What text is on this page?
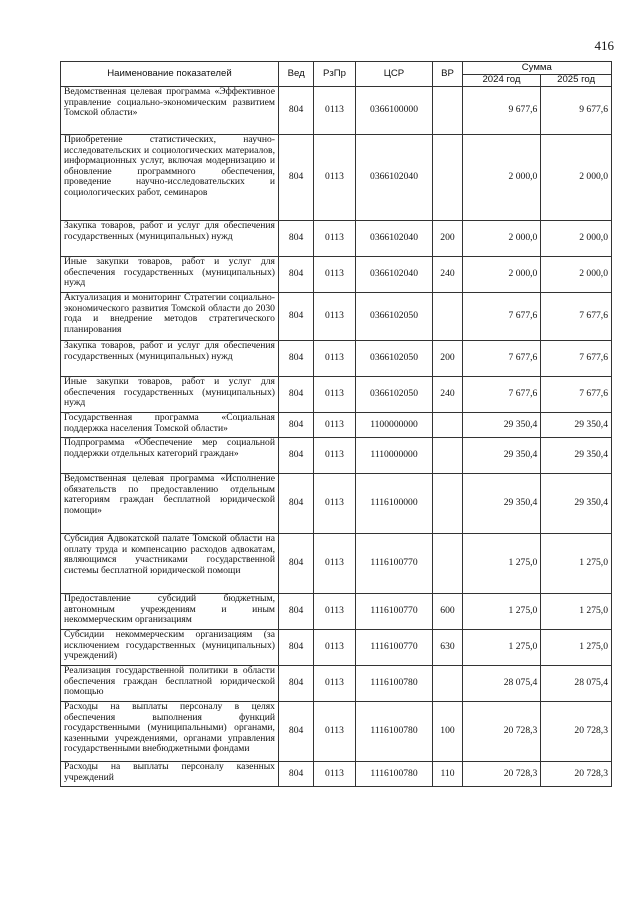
416
Наименование показателей	Вед	РзПр	ЦСР	ВР	Сумма	
					2024 год	2025 год
Ведомственная целевая программа «Эффективное управление социально-экономическим развитием Томской области»	804	0113	0366100000		9 677,6	9 677,6
Приобретение статистических, научно-исследовательских и социологических материалов, информационных услуг, включая модернизацию и обновление программного обеспечения, проведение научно-исследовательских и социологических работ, семинаров	804	0113	0366102040		2 000,0	2 000,0
Закупка товаров, работ и услуг для обеспечения государственных (муниципальных) нужд	804	0113	0366102040	200	2 000,0	2 000,0
Иные закупки товаров, работ и услуг для обеспечения государственных (муниципальных) нужд	804	0113	0366102040	240	2 000,0	2 000,0
Актуализация и мониторинг Стратегии социально-экономического развития Томской области до 2030 года и внедрение методов стратегического планирования	804	0113	0366102050		7 677,6	7 677,6
Закупка товаров, работ и услуг для обеспечения государственных (муниципальных) нужд	804	0113	0366102050	200	7 677,6	7 677,6
Иные закупки товаров, работ и услуг для обеспечения государственных (муниципальных) нужд	804	0113	0366102050	240	7 677,6	7 677,6
Государственная программа «Социальная поддержка населения Томской области»	804	0113	1100000000		29 350,4	29 350,4
Подпрограмма «Обеспечение мер социальной поддержки отдельных категорий граждан»	804	0113	1110000000		29 350,4	29 350,4
Ведомственная целевая программа «Исполнение обязательств по предоставлению отдельным категориям граждан бесплатной юридической помощи»	804	0113	1116100000		29 350,4	29 350,4
Субсидия Адвокатской палате Томской области на оплату труда и компенсацию расходов адвокатам, являющимся участниками государственной системы бесплатной юридической помощи	804	0113	1116100770		1 275,0	1 275,0
Предоставление субсидий бюджетным, автономным учреждениям и иным некоммерческим организациям	804	0113	1116100770	600	1 275,0	1 275,0
Субсидии некоммерческим организациям (за исключением государственных (муниципальных) учреждений)	804	0113	1116100770	630	1 275,0	1 275,0
Реализация государственной политики в области обеспечения граждан бесплатной юридической помощью	804	0113	1116100780		28 075,4	28 075,4
Расходы на выплаты персоналу в целях обеспечения выполнения функций государственными (муниципальными) органами, казенными учреждениями, органами управления государственными внебюджетными фондами	804	0113	1116100780	100	20 728,3	20 728,3
Расходы на выплаты персоналу казенных учреждений	804	0113	1116100780	110	20 728,3	20 728,3
